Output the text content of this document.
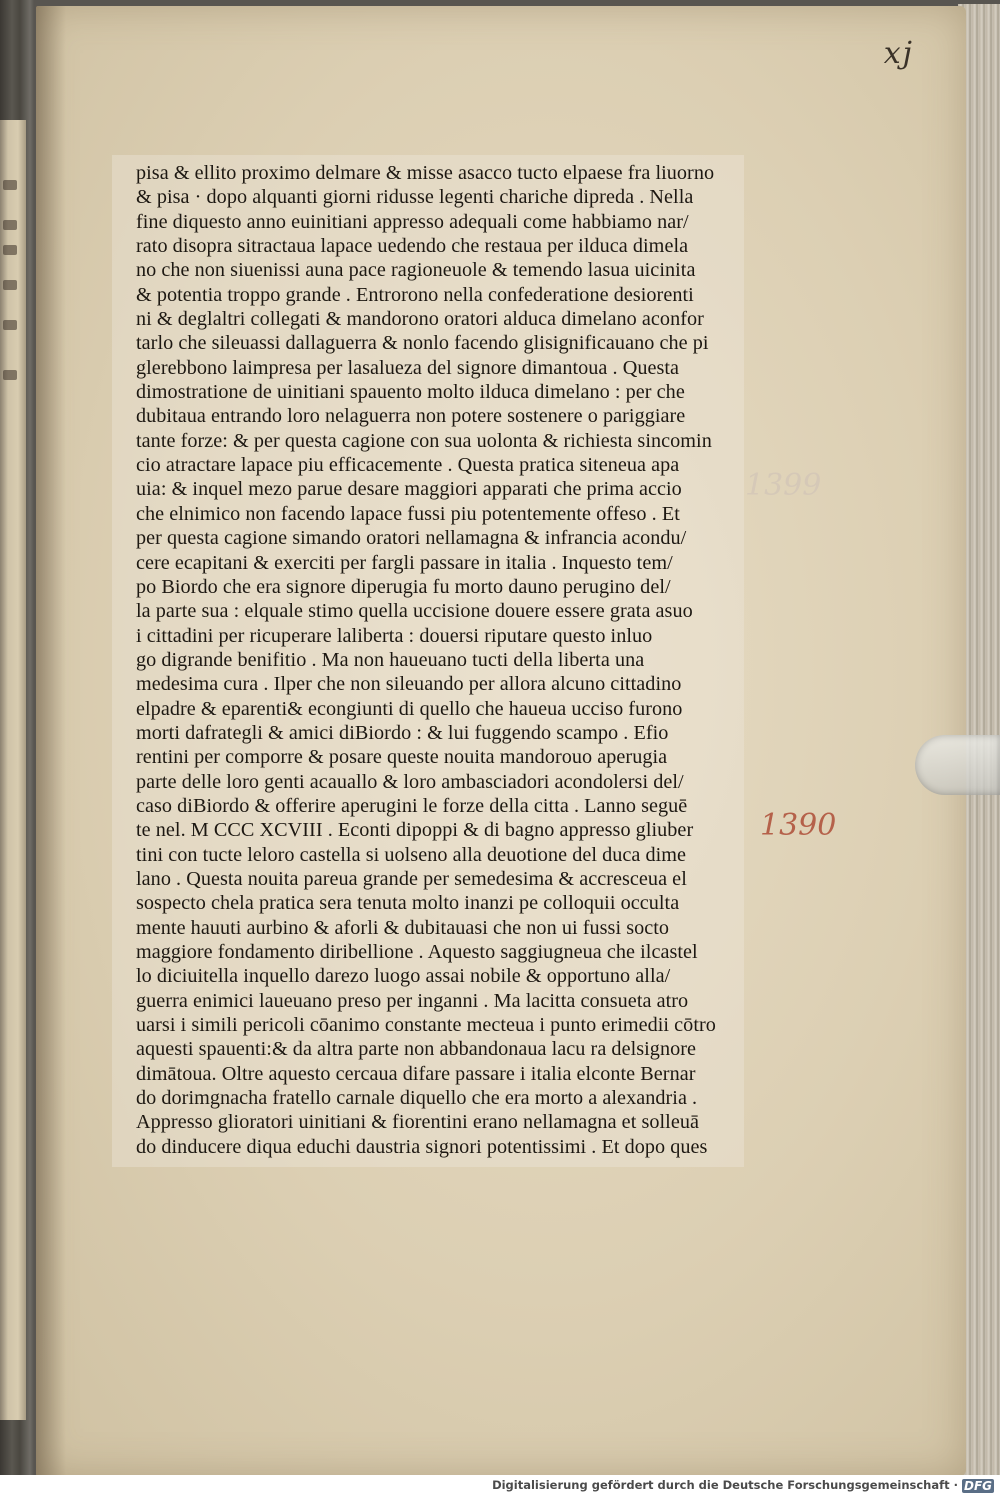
xj
pisa & ellito proximo delmare & misse asacco tucto elpaese fra liuorno
& pisa · dopo alquanti giorni ridusse legenti chariche dipreda . Nella
fine diquesto anno euinitiani appresso adequali come habbiamo nar/
rato disopra sitractaua lapace uedendo che restaua per ilduca dimela
no che non siuenissi auna pace ragioneuole & temendo lasua uicinita
& potentia troppo grande . Entrorono nella confederatione desiorenti
ni & deglaltri collegati & mandorono oratori alduca dimelano aconfor
tarlo che sileuassi dallaguerra & nonlo facendo glisignificauano che pi
glerebbono laimpresa per lasalueza del signore dimantoua . Questa
dimostratione de uinitiani spauento molto ilduca dimelano : per che
dubitaua entrando loro nelaguerra non potere sostenere o pariggiare
tante forze: & per questa cagione con sua uolonta & richiesta sincomin
cio atractare lapace piu efficacemente . Questa pratica siteneua apa
uia: & inquel mezo parue desare maggiori apparati che prima accio
che elnimico non facendo lapace fussi piu potentemente offeso . Et
per questa cagione simando oratori nellamagna & infrancia acondu/
cere ecapitani & exerciti per fargli passare in italia . Inquesto tem/
po Biordo che era signore diperugia fu morto dauno perugino del/
la parte sua : elquale stimo quella uccisione douere essere grata asuo
i cittadini per ricuperare laliberta : douersi riputare questo inluo
go digrande benifitio . Ma non haueuano tucti della liberta una
medesima cura . Ilper che non sileuando per allora alcuno cittadino
elpadre & eparenti& econgiunti di quello che haueua ucciso furono
morti dafrategli & amici diBiordo : & lui fuggendo scampo . Efio
rentini per comporre & posare queste nouita mandorouo aperugia
parte delle loro genti acauallo & loro ambasciadori acondolersi del/
caso diBiordo & offerire aperugini le forze della citta . Lanno seguē
te nel. M CCC XCVIII . Econti dipoppi & di bagno appresso gliuber
tini con tucte leloro castella si uolseno alla deuotione del duca dime
lano . Questa nouita pareua grande per semedesima & accresceua el
sospecto chela pratica sera tenuta molto inanzi pe colloquii occulta
mente hauuti aurbino & aforli & dubitauasi che non ui fussi socto
maggiore fondamento diribellione . Aquesto saggiugneua che ilcastel
lo diciuitella inquello darezo luogo assai nobile & opportuno alla/
guerra enimici laueuano preso per inganni . Ma lacitta consueta atro
uarsi i simili pericoli cōanimo constante mecteua i punto erimedii cōtro
aquesti spauenti:& da altra parte non abbandonaua lacu ra delsignore
dimātoua. Oltre aquesto cercaua difare passare i italia elconte Bernar
do dorimgnacha fratello carnale diquello che era morto a alexandria .
Appresso glioratori uinitiani & fiorentini erano nellamagna et solleuā
do dinducere diqua educhi daustria signori potentissimi . Et dopo ques
1399
1390
Digitalisierung gefördert durch die Deutsche Forschungsgemeinschaft · DFG
